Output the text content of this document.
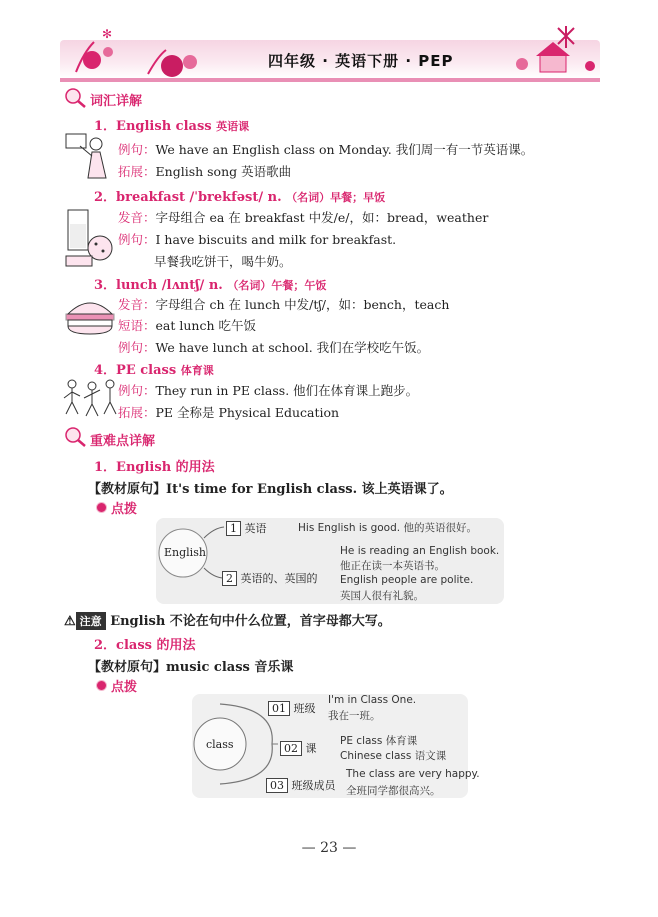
✻
四年级 · 英语下册 · PEP
词汇详解
1．English class 英语课
例句：We have an English class on Monday. 我们周一有一节英语课。
拓展：English song 英语歌曲
2．breakfast /ˈbrekfəst/ n. （名词）早餐；早饭
发音：字母组合 ea 在 breakfast 中发/e/，如：bread，weather
例句：I have biscuits and milk for breakfast.
早餐我吃饼干，喝牛奶。
3．lunch /lʌntʃ/ n. （名词）午餐；午饭
发音：字母组合 ch 在 lunch 中发/tʃ/，如：bench，teach
短语：eat lunch 吃午饭
例句：We have lunch at school. 我们在学校吃午饭。
4．PE class 体育课
例句：They run in PE class. 他们在体育课上跑步。
拓展：PE 全称是 Physical Education
重难点详解
1．English 的用法
【教材原句】It's time for English class. 该上英语课了。
点拨
English
1 英语	His English is good. 他的英语很好。
2 英语的、英国的
He is reading an English book.
他正在读一本英语书。
English people are polite.
英国人很有礼貌。
⚠ 注意 English 不论在句中什么位置，首字母都大写。
2．class 的用法
【教材原句】music class 音乐课
点拨
class
01 班级
I'm in Class One.
我在一班。
02 课
PE class 体育课
Chinese class 语文课
03 班级成员
The class are very happy.
全班同学都很高兴。
— 23 —
